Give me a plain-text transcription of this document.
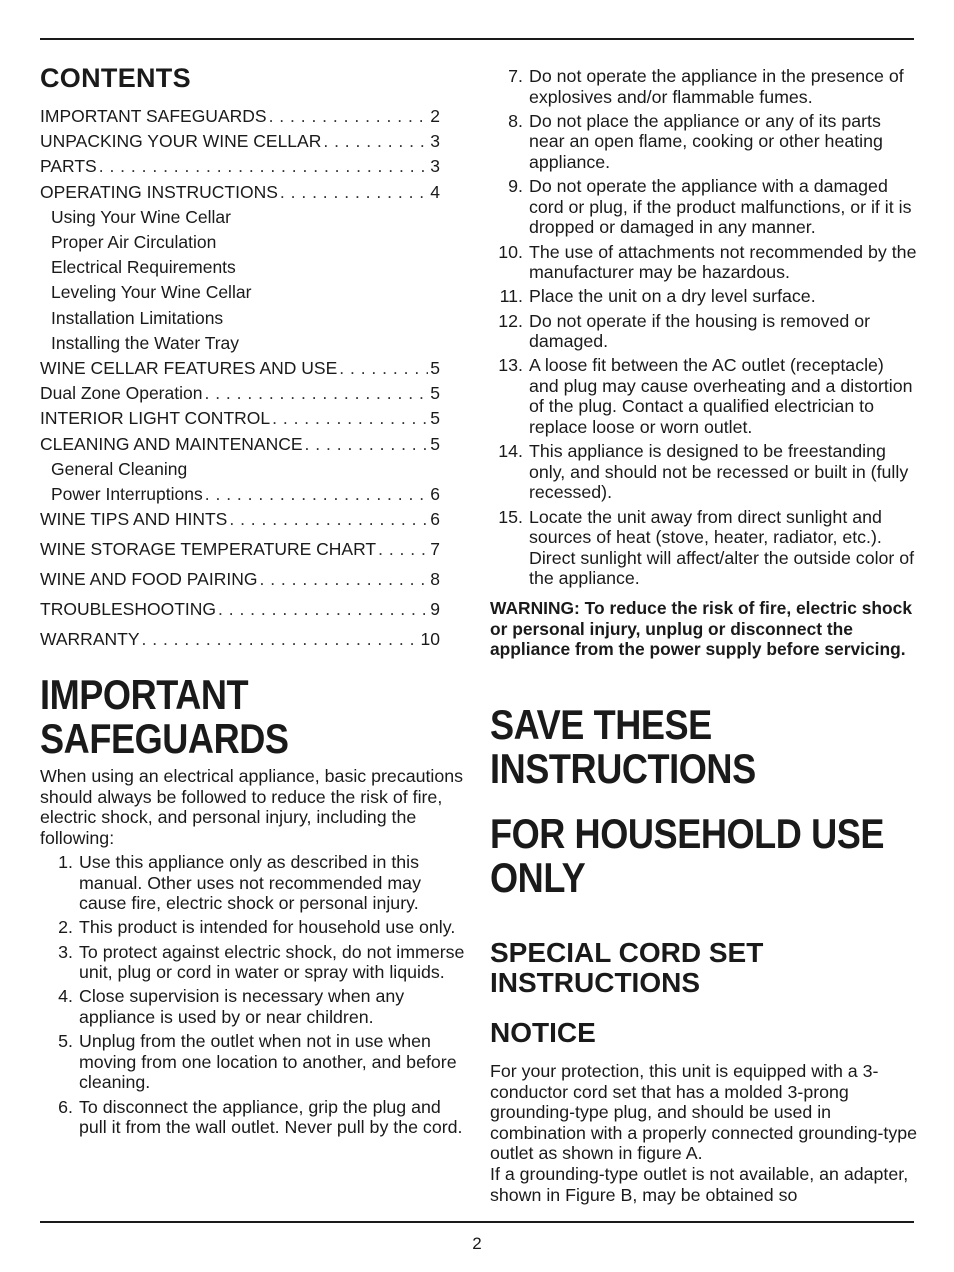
CONTENTS
IMPORTANT SAFEGUARDS . . .	2
UNPACKING YOUR WINE CELLAR . . .	3
PARTS . . .	3
OPERATING INSTRUCTIONS . . .	4
Using Your Wine Cellar
Proper Air Circulation
Electrical Requirements
Leveling Your Wine Cellar
Installation Limitations
Installing the Water Tray
WINE CELLAR FEATURES AND USE . . .	5
Dual Zone Operation . . .	5
INTERIOR LIGHT CONTROL . . .	5
CLEANING AND MAINTENANCE . . .	5
General Cleaning
Power Interruptions . . .	6
WINE TIPS AND HINTS . . .	6
WINE STORAGE TEMPERATURE CHART . . .	7
WINE AND FOOD PAIRING . . .	8
TROUBLESHOOTING . . .	9
WARRANTY . . .	10
IMPORTANT
SAFEGUARDS

When using an electrical appliance, basic precautions should always be followed to reduce the risk of fire, electric shock, and personal injury, including the following:

1. Use this appliance only as described in this manual. Other uses not recommended may cause fire, electric shock or personal injury.
2. This product is intended for household use only.
3. To protect against electric shock, do not immerse unit, plug or cord in water or spray with liquids.
4. Close supervision is necessary when any appliance is used by or near children.
5. Unplug from the outlet when not in use when moving from one location to another, and before cleaning.
6. To disconnect the appliance, grip the plug and pull it from the wall outlet. Never pull by the cord.
7. Do not operate the appliance in the presence of explosives and/or flammable fumes.
8. Do not place the appliance or any of its parts near an open flame, cooking or other heating appliance.
9. Do not operate the appliance with a damaged cord or plug, if the product malfunctions, or if it is dropped or damaged in any manner.
10. The use of attachments not recommended by the manufacturer may be hazardous.
11. Place the unit on a dry level surface.
12. Do not operate if the housing is removed or damaged.
13. A loose fit between the AC outlet (receptacle) and plug may cause overheating and a distortion of the plug. Contact a qualified electrician to replace loose or worn outlet.
14. This appliance is designed to be freestanding only, and should not be recessed or built in (fully recessed).
15. Locate the unit away from direct sunlight and sources of heat (stove, heater, radiator, etc.). Direct sunlight will affect/alter the outside color of the appliance.

WARNING: To reduce the risk of fire, electric shock or personal injury, unplug or disconnect the appliance from the power supply before servicing.

SAVE THESE
INSTRUCTIONS
FOR HOUSEHOLD USE
ONLY
SPECIAL CORD SET
INSTRUCTIONS
NOTICE
For your protection, this unit is equipped with a 3-conductor cord set that has a molded 3-prong grounding-type plug, and should be used in combination with a properly connected grounding-type outlet as shown in figure A.
If a grounding-type outlet is not available, an adapter, shown in Figure B, may be obtained so
2
